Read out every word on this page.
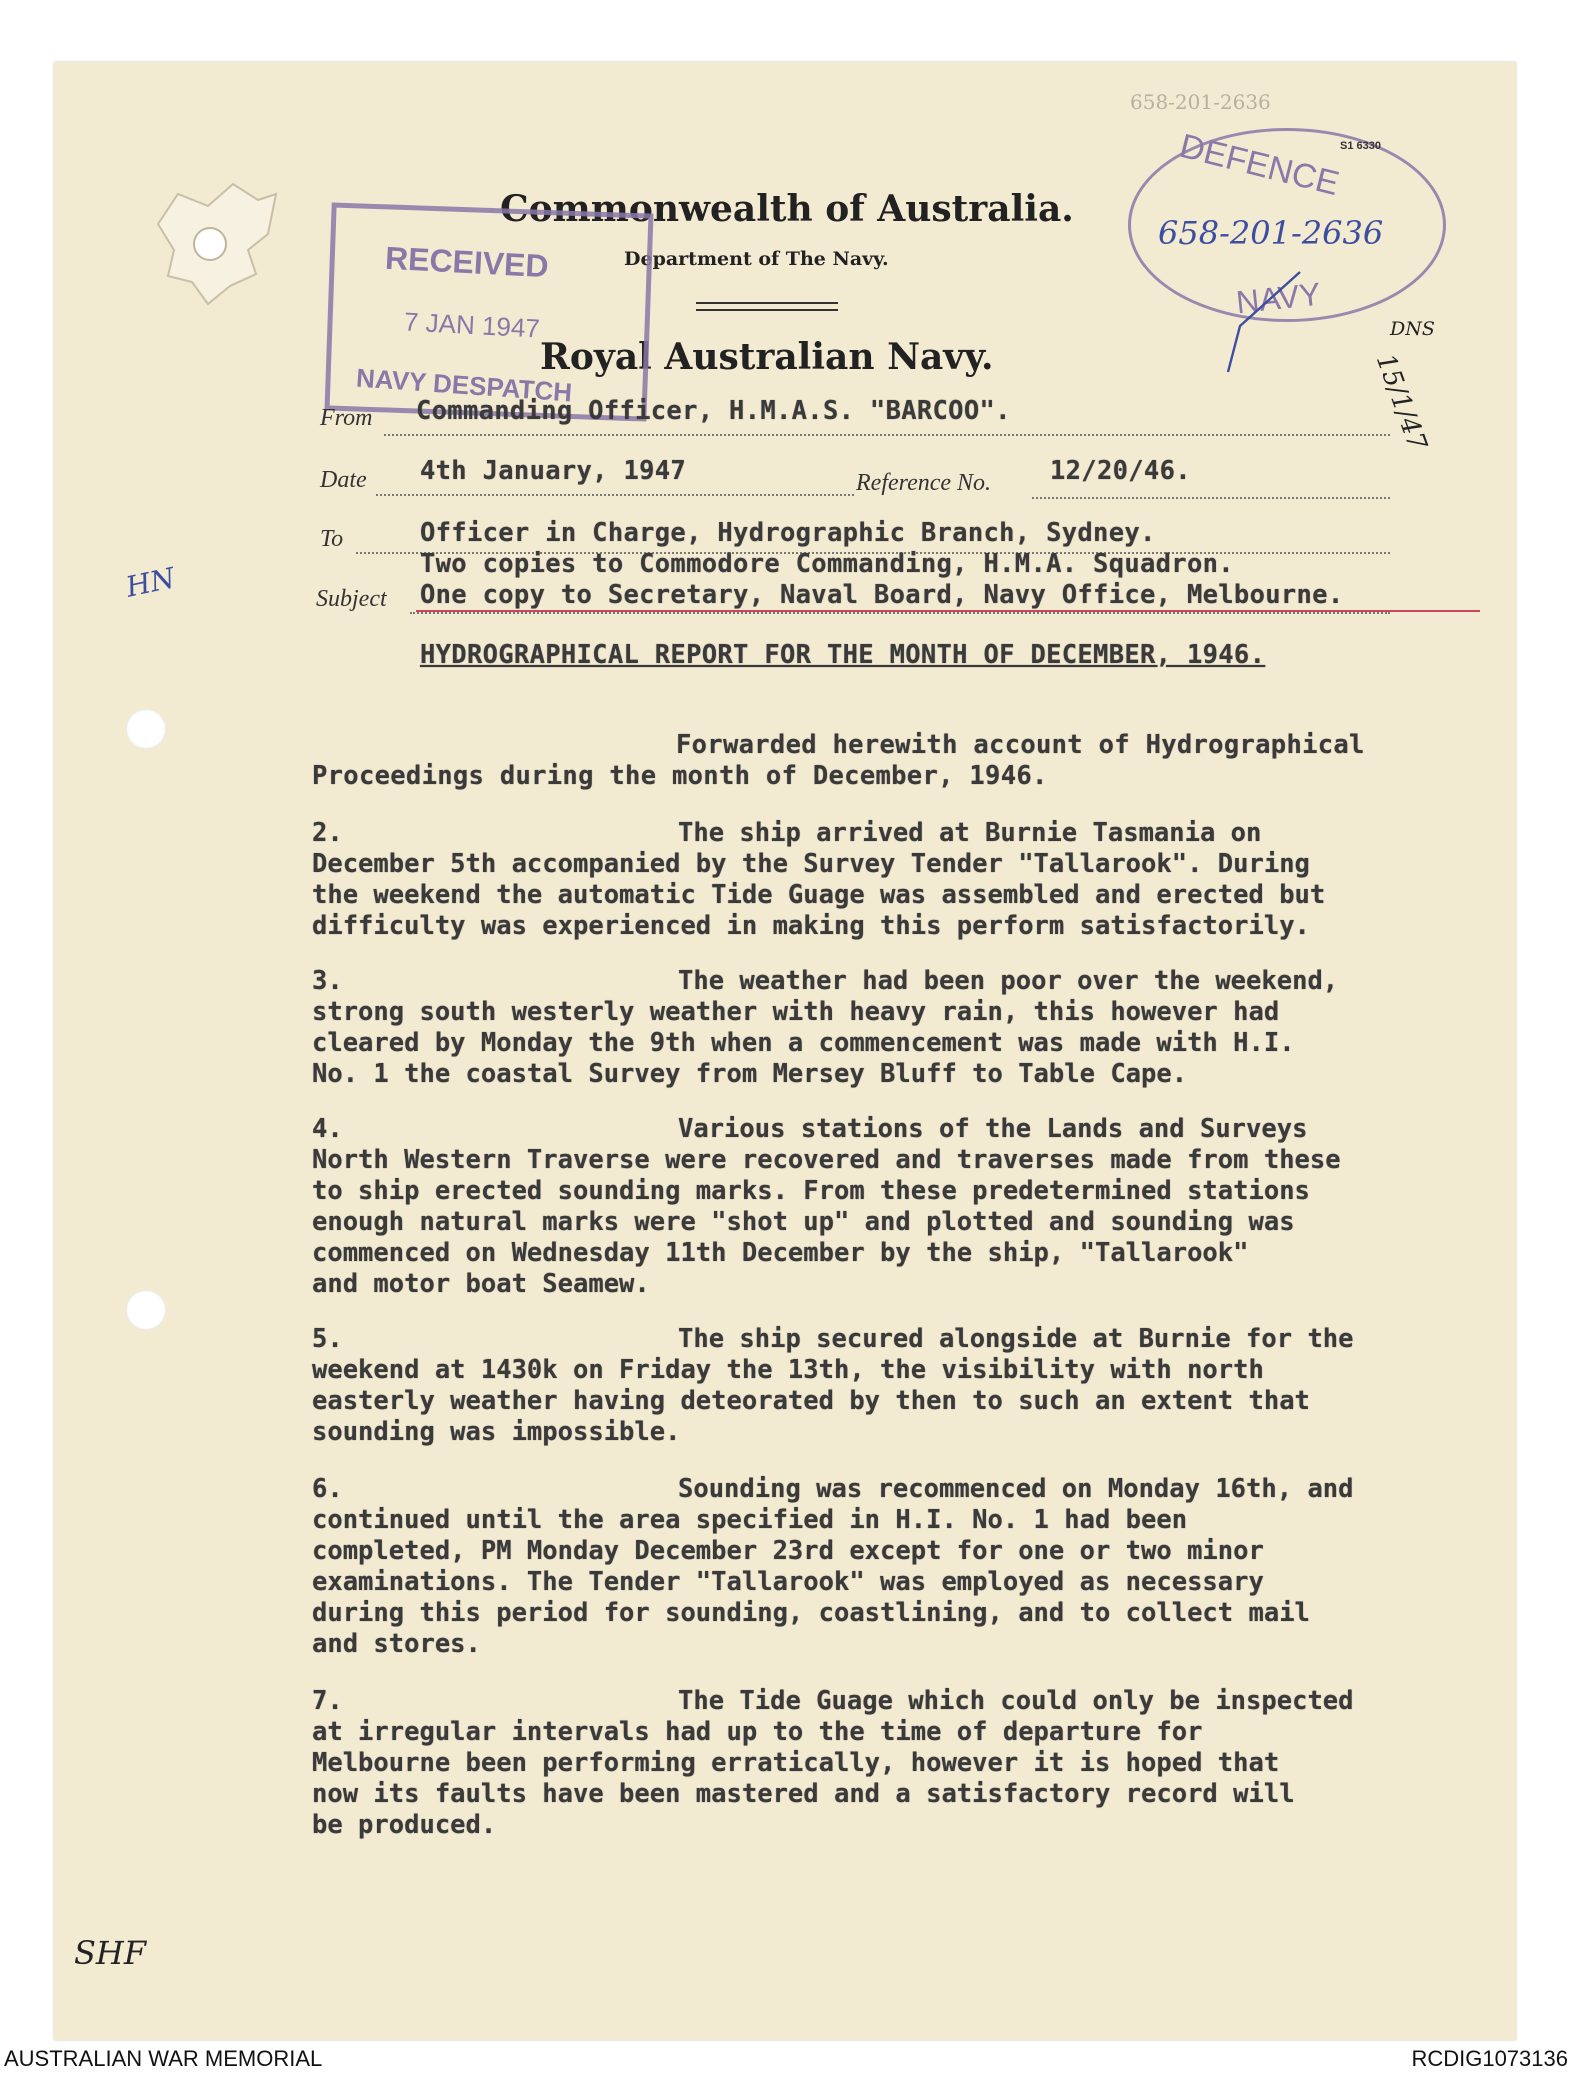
Commonwealth of Australia.
Department of The Navy.
Royal Australian Navy.
RECEIVED
7 JAN 1947
NAVY DESPATCH
DEFENCE
NAVY
S1 6330
658-201-2636
658-201-2636
DNS
15/1/47
HN
SHF
From Commanding Officer, H.M.A.S. "BARCOO".
Date 4th January, 1947	Reference No. 12/20/46.
To	Officer in Charge, Hydrographic Branch, Sydney.
Two copies to Commodore Commanding, H.M.A. Squadron.
Subject One copy to Secretary, Naval Board, Navy Office, Melbourne.
HYDROGRAPHICAL REPORT FOR THE MONTH OF DECEMBER, 1946.
Forwarded herewith account of Hydrographical
Proceedings during the month of December, 1946.
2.	The ship arrived at Burnie Tasmania on
December 5th accompanied by the Survey Tender "Tallarook". During
the weekend the automatic Tide Guage was assembled and erected but
difficulty was experienced in making this perform satisfactorily.
3.	The weather had been poor over the weekend,
strong south westerly weather with heavy rain, this however had
cleared by Monday the 9th when a commencement was made with H.I.
No. 1 the coastal Survey from Mersey Bluff to Table Cape.
4.	Various stations of the Lands and Surveys
North Western Traverse were recovered and traverses made from these
to ship erected sounding marks. From these predetermined stations
enough natural marks were "shot up" and plotted and sounding was
commenced on Wednesday 11th December by the ship, "Tallarook"
and motor boat Seamew.
5.	The ship secured alongside at Burnie for the
weekend at 1430k on Friday the 13th, the visibility with north
easterly weather having deteorated by then to such an extent that
sounding was impossible.
6.	Sounding was recommenced on Monday 16th, and
continued until the area specified in H.I. No. 1 had been
completed, PM Monday December 23rd except for one or two minor
examinations. The Tender "Tallarook" was employed as necessary
during this period for sounding, coastlining, and to collect mail
and stores.
7.	The Tide Guage which could only be inspected
at irregular intervals had up to the time of departure for
Melbourne been performing erratically, however it is hoped that
now its faults have been mastered and a satisfactory record will
be produced.
AUSTRALIAN WAR MEMORIAL	RCDIG1073136
